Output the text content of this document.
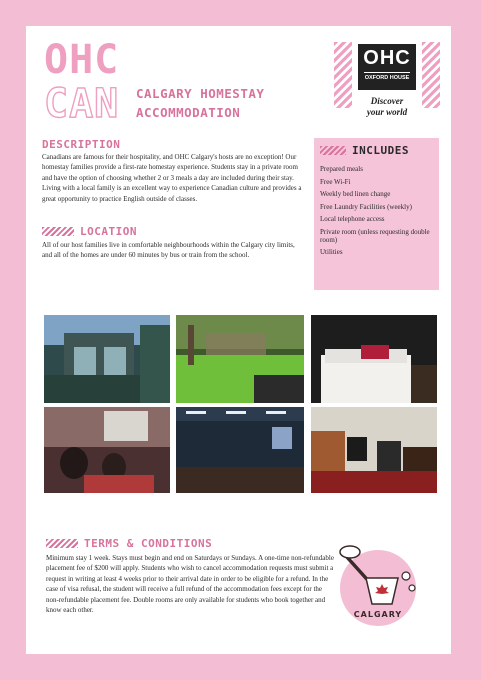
OHC
CAN CALGARY HOMESTAY
ACCOMMODATION
OHC
OXFORD HOUSE
Discover
your world
DESCRIPTION
Canadians are famous for their hospitality, and OHC Calgary's hosts are no exception! Our homestay families provide a first-rate homestay experience. Students stay in a private room and have the option of choosing whether 2 or 3 meals a day are included during their stay. Living with a local family is an excellent way to experience Canadian culture and provides a great opportunity to practice English outside of classes.
LOCATION
All of our host families live in comfortable neighbourhoods within the Calgary city limits, and all of the homes are under 60 minutes by bus or train from the school.
INCLUDES
Prepared meals
Free Wi-Fi
Weekly bed linen change
Free Laundry Facilities (weekly)
Local telephone access
Private room (unless requesting double room)
Utilities
TERMS & CONDITIONS
Minimum stay 1 week. Stays must begin and end on Saturdays or Sundays. A one-time non-refundable placement fee of $200 will apply. Students who wish to cancel accommodation requests must submit a request in writing at least 4 weeks prior to their arrival date in order to be eligible for a refund. In the case of visa refusal, the student will receive a full refund of the accommodation fees except for the non-refundable placement fee. Double rooms are only available for students who book together and know each other.	CALGARY
